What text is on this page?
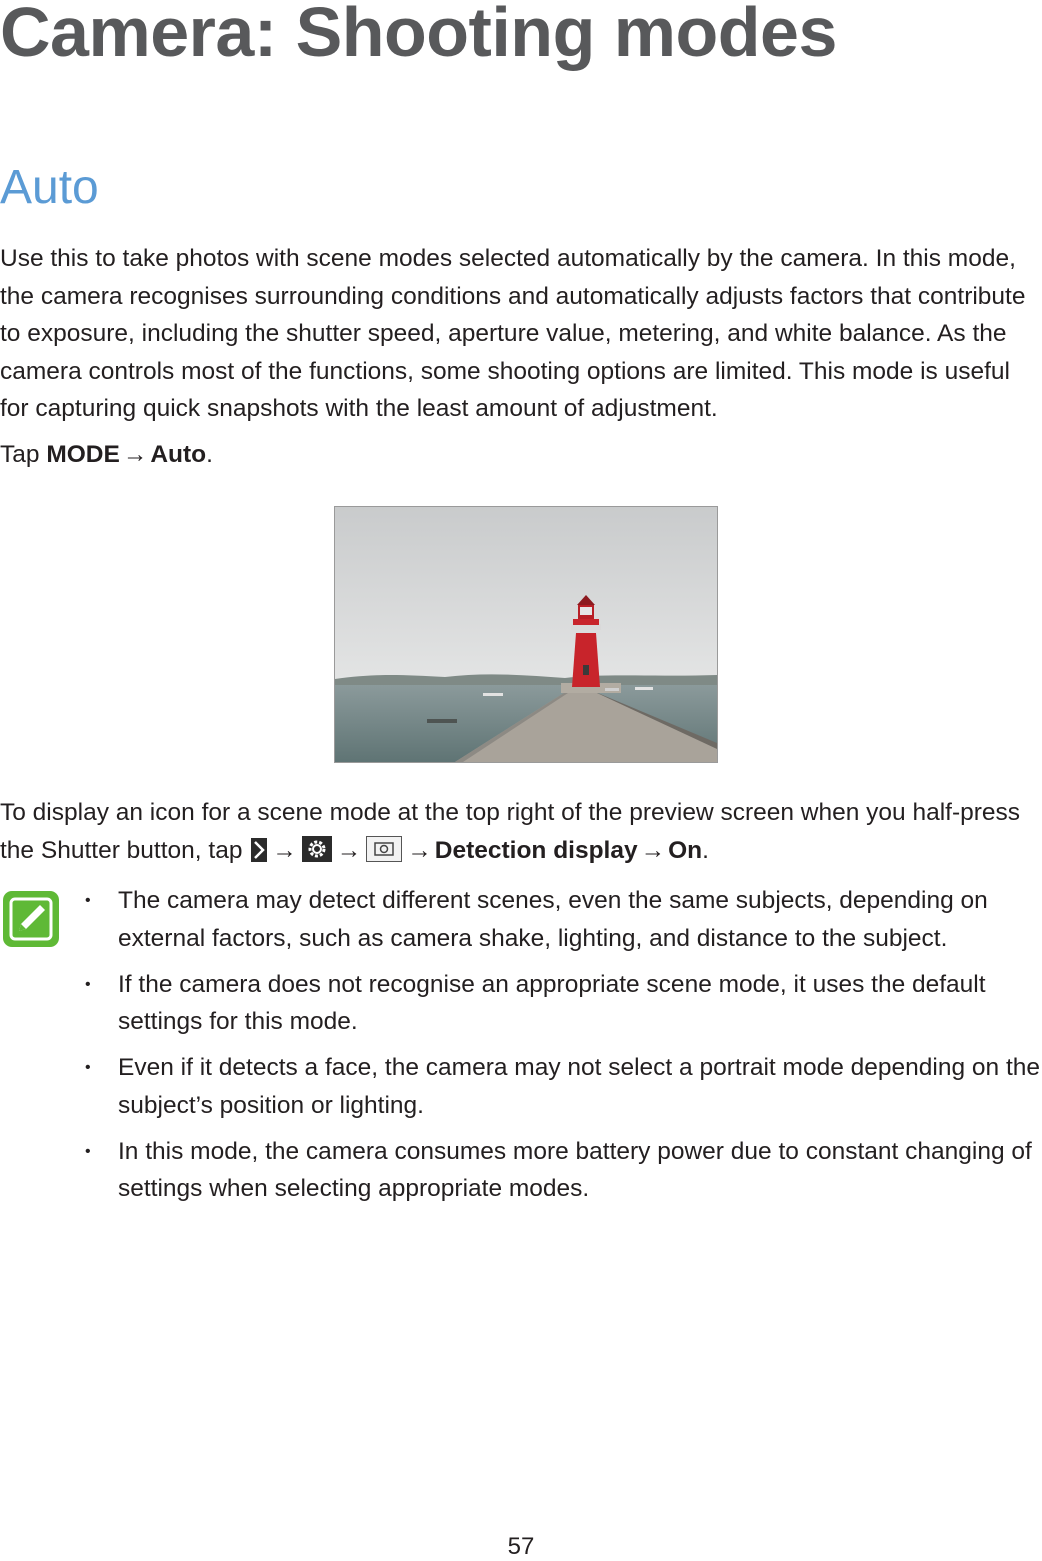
Camera: Shooting modes
Auto

Use this to take photos with scene modes selected automatically by the camera. In this mode, the camera recognises surrounding conditions and automatically adjusts factors that contribute to exposure, including the shutter speed, aperture value, metering, and white balance. As the camera controls most of the functions, some shooting options are limited. This mode is useful for capturing quick snapshots with the least amount of adjustment.

Tap MODE → Auto.

To display an icon for a scene mode at the top right of the preview screen when you half-press the Shutter button, tap → → → Detection display → On.

• The camera may detect different scenes, even the same subjects, depending on external factors, such as camera shake, lighting, and distance to the subject.
• If the camera does not recognise an appropriate scene mode, it uses the default settings for this mode.
• Even if it detects a face, the camera may not select a portrait mode depending on the subject’s position or lighting.
• In this mode, the camera consumes more battery power due to constant changing of settings when selecting appropriate modes.
57
